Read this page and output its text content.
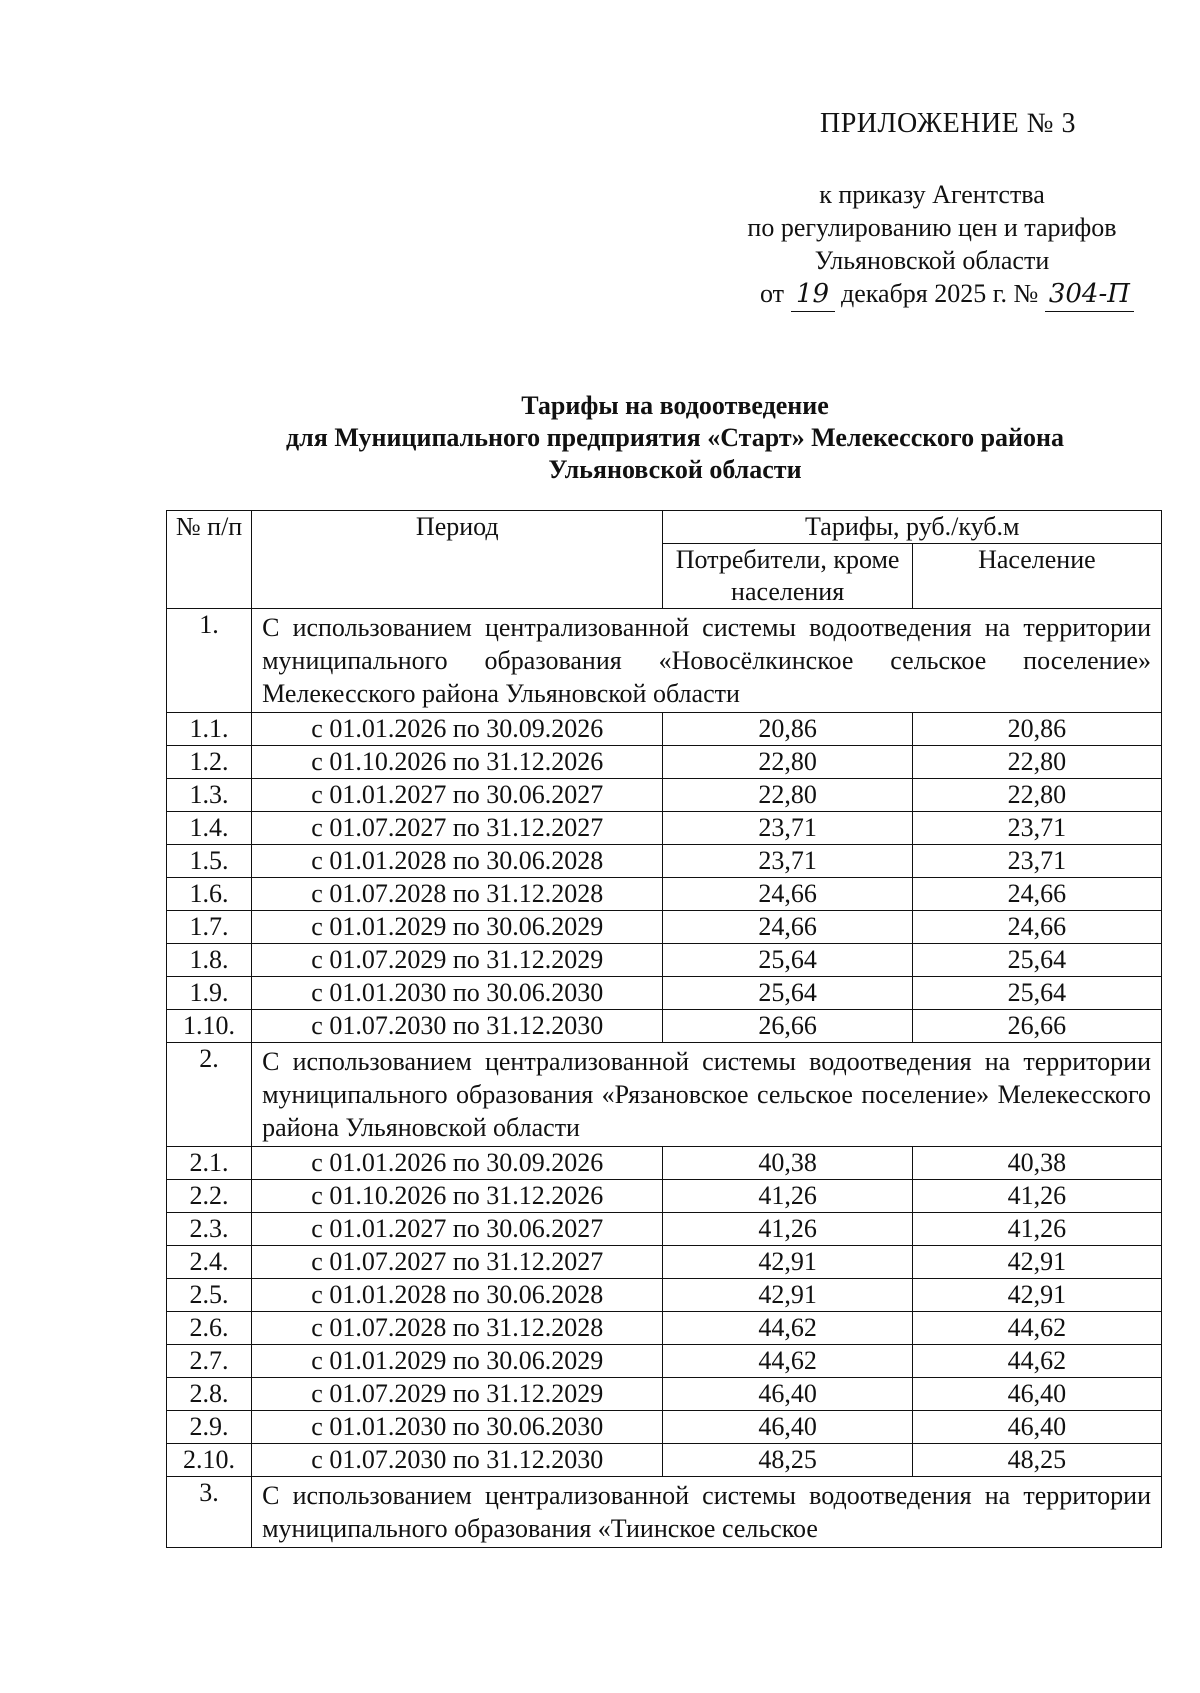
ПРИЛОЖЕНИЕ № 3
к приказу Агентства
по регулированию цен и тарифов
Ульяновской области
от 19 декабря 2025 г. № 304-П
Тарифы на водоотведение
для Муниципального предприятия «Старт» Мелекесского района
Ульяновской области
№ п/п	Период	Тарифы, руб./куб.м	
		Потребители, кроме населения	Население
1.	С использованием централизованной системы водоотведения на территории муниципального образования «Новосёлкинское сельское поселение» Мелекесского района Ульяновской области		
1.1.	с 01.01.2026 по 30.09.2026	20,86	20,86
1.2.	с 01.10.2026 по 31.12.2026	22,80	22,80
1.3.	с 01.01.2027 по 30.06.2027	22,80	22,80
1.4.	с 01.07.2027 по 31.12.2027	23,71	23,71
1.5.	с 01.01.2028 по 30.06.2028	23,71	23,71
1.6.	с 01.07.2028 по 31.12.2028	24,66	24,66
1.7.	с 01.01.2029 по 30.06.2029	24,66	24,66
1.8.	с 01.07.2029 по 31.12.2029	25,64	25,64
1.9.	с 01.01.2030 по 30.06.2030	25,64	25,64
1.10.	с 01.07.2030 по 31.12.2030	26,66	26,66
2.	С использованием централизованной системы водоотведения на территории муниципального образования «Рязановское сельское поселение» Мелекесского района Ульяновской области		
2.1.	с 01.01.2026 по 30.09.2026	40,38	40,38
2.2.	с 01.10.2026 по 31.12.2026	41,26	41,26
2.3.	с 01.01.2027 по 30.06.2027	41,26	41,26
2.4.	с 01.07.2027 по 31.12.2027	42,91	42,91
2.5.	с 01.01.2028 по 30.06.2028	42,91	42,91
2.6.	с 01.07.2028 по 31.12.2028	44,62	44,62
2.7.	с 01.01.2029 по 30.06.2029	44,62	44,62
2.8.	с 01.07.2029 по 31.12.2029	46,40	46,40
2.9.	с 01.01.2030 по 30.06.2030	46,40	46,40
2.10.	с 01.07.2030 по 31.12.2030	48,25	48,25
3.	С использованием централизованной системы водоотведения на территории муниципального образования «Тиинское сельское		
